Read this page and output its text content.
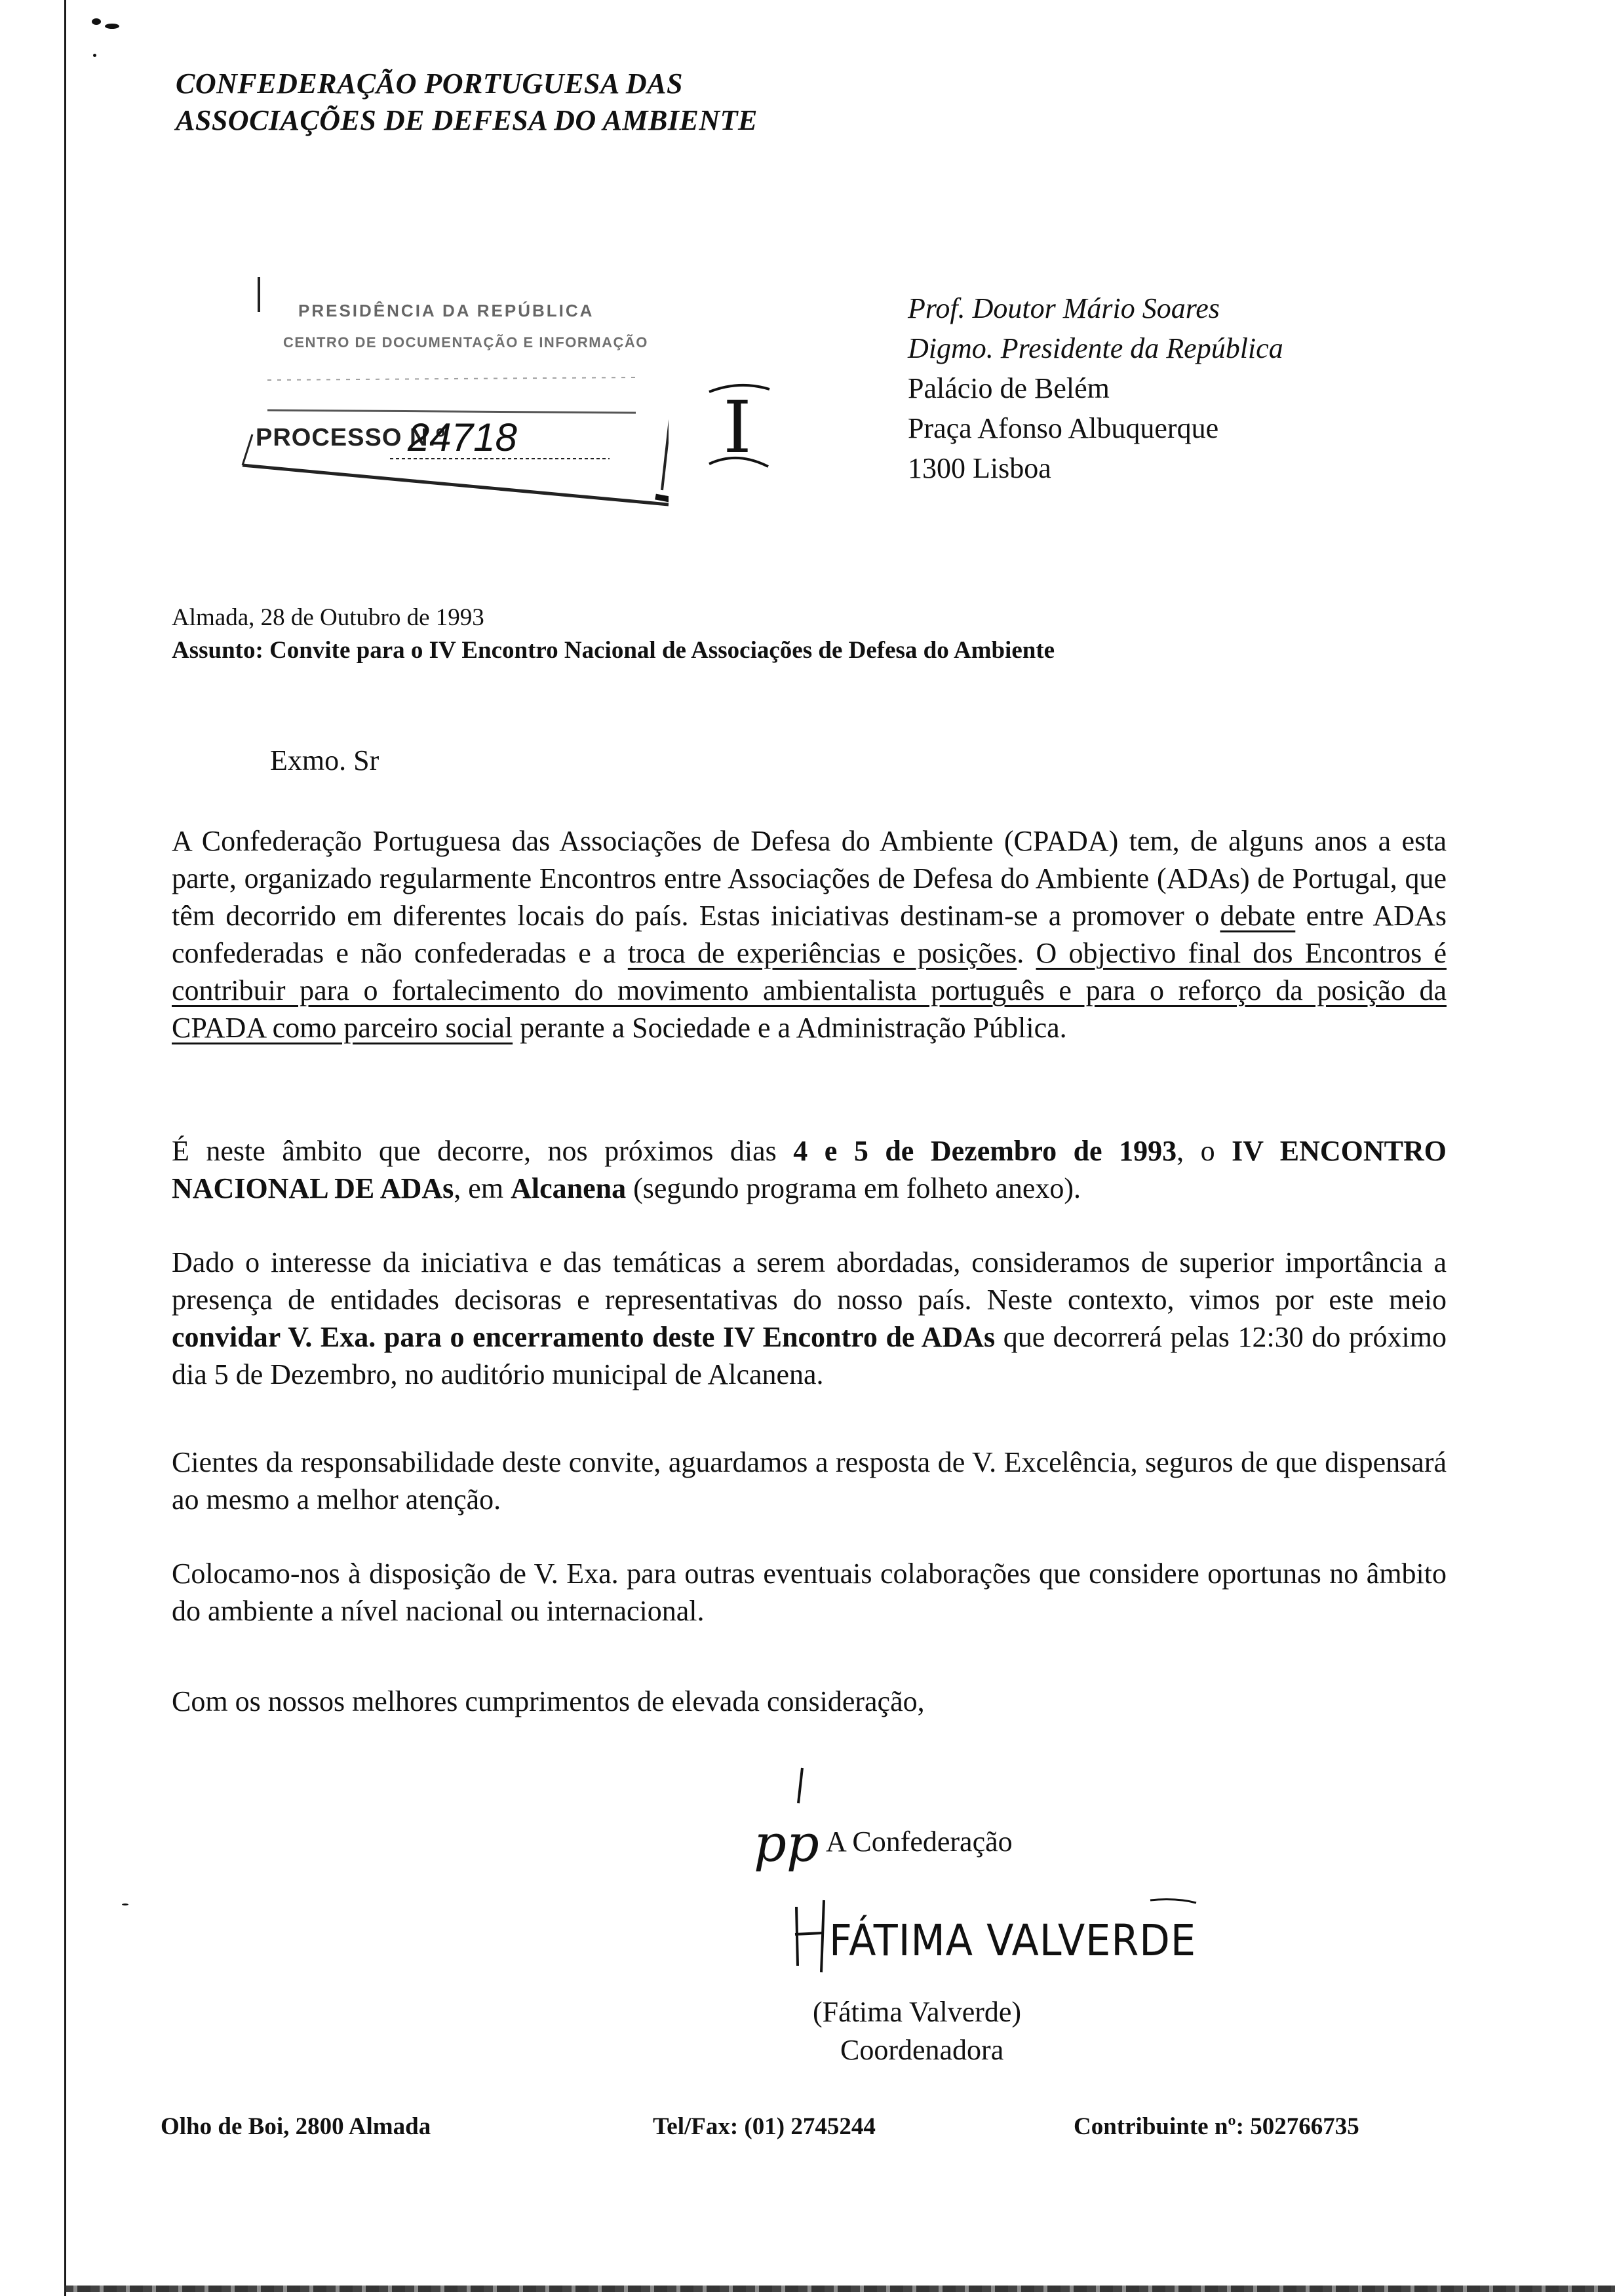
CONFEDERAÇÃO PORTUGUESA DAS
ASSOCIAÇÕES DE DEFESA DO AMBIENTE
PRESIDÊNCIA DA REPÚBLICA
CENTRO DE DOCUMENTAÇÃO E INFORMAÇÃO
PROCESSO N.º
24718	I
Prof. Doutor Mário Soares
Digmo. Presidente da República
Palácio de Belém
Praça Afonso Albuquerque
1300 Lisboa
Almada, 28 de Outubro de 1993
Assunto: Convite para o IV Encontro Nacional de Associações de Defesa do Ambiente
Exmo. Sr
A Confederação Portuguesa das Associações de Defesa do Ambiente (CPADA) tem, de alguns anos a esta parte, organizado regularmente Encontros entre Associações de Defesa do Ambiente (ADAs) de Portugal, que têm decorrido em diferentes locais do país. Estas iniciativas destinam-se a promover o debate entre ADAs confederadas e não confederadas e a troca de experiências e posições. O objectivo final dos Encontros é contribuir para o fortalecimento do movimento ambientalista português e para o reforço da posição da CPADA como parceiro social perante a Sociedade e a Administração Pública.
É neste âmbito que decorre, nos próximos dias 4 e 5 de Dezembro de 1993, o IV ENCONTRO NACIONAL DE ADAs, em Alcanena (segundo programa em folheto anexo).
Dado o interesse da iniciativa e das temáticas a serem abordadas, consideramos de superior importância a presença de entidades decisoras e representativas do nosso país. Neste contexto, vimos por este meio convidar V. Exa. para o encerramento deste IV Encontro de ADAs que decorrerá pelas 12:30 do próximo dia 5 de Dezembro, no auditório municipal de Alcanena.
Cientes da responsabilidade deste convite, aguardamos a resposta de V. Excelência, seguros de que dispensará ao mesmo a melhor atenção.
Colocamo-nos à disposição de V. Exa. para outras eventuais colaborações que considere oportunas no âmbito do ambiente a nível nacional ou internacional.
Com os nossos melhores cumprimentos de elevada consideração,
pp A Confederação
FÁTIMA VALVERDE
(Fátima Valverde)
Coordenadora
Olho de Boi, 2800 Almada	Tel/Fax: (01) 2745244	Contribuinte nº: 502766735
